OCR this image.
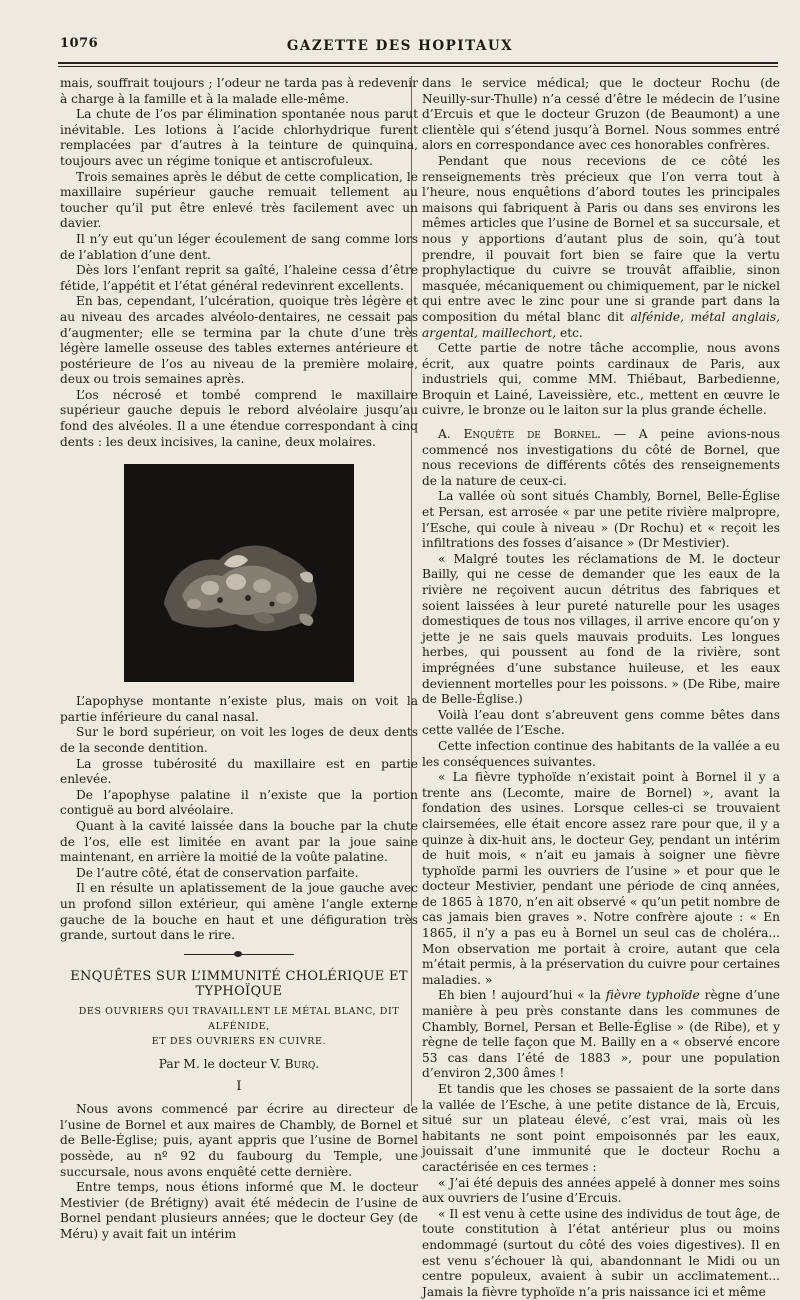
1076	GAZETTE DES HOPITAUX

mais, souffrait toujours ; l’odeur ne tarda pas à redevenir à charge à la famille et à la malade elle-même.

La chute de l’os par élimination spontanée nous parut inévitable. Les lotions à l’acide chlorhydrique furent remplacées par d’autres à la teinture de quinquina, toujours avec un régime tonique et antiscrofuleux.

Trois semaines après le début de cette complication, le maxillaire supérieur gauche remuait tellement au toucher qu’il put être enlevé très facilement avec un davier.

Il n’y eut qu’un léger écoulement de sang comme lors de l’ablation d’une dent.

Dès lors l’enfant reprit sa gaîté, l’haleine cessa d’être fétide, l’appétit et l’état général redevinrent excellents.

En bas, cependant, l’ulcération, quoique très légère et au niveau des arcades alvéolo-dentaires, ne cessait pas d’augmenter; elle se termina par la chute d’une très légère lamelle osseuse des tables externes antérieure et postérieure de l’os au niveau de la première molaire, deux ou trois semaines après.

L’os nécrosé et tombé comprend le maxillaire supérieur gauche depuis le rebord alvéolaire jusqu’au fond des alvéoles. Il a une étendue correspondant à cinq dents : les deux incisives, la canine, deux molaires.

L’apophyse montante n’existe plus, mais on voit la partie inférieure du canal nasal.

Sur le bord supérieur, on voit les loges de deux dents de la seconde dentition.

La grosse tubérosité du maxillaire est en partie enlevée.

De l’apophyse palatine il n’existe que la portion contiguë au bord alvéolaire.

Quant à la cavité laissée dans la bouche par la chute de l’os, elle est limitée en avant par la joue saine maintenant, en arrière la moitié de la voûte palatine.

De l’autre côté, état de conservation parfaite.

Il en résulte un aplatissement de la joue gauche avec un profond sillon extérieur, qui amène l’angle externe gauche de la bouche en haut et une défiguration très grande, surtout dans le rire.

ENQUÊTES SUR L’IMMUNITÉ CHOLÉRIQUE ET TYPHOÏQUE
DES OUVRIERS QUI TRAVAILLENT LE MÉTAL BLANC, DIT ALFÉNIDE,
ET DES OUVRIERS EN CUIVRE.
Par M. le docteur V. Burq.
I

Nous avons commencé par écrire au directeur de l’usine de Bornel et aux maires de Chambly, de Bornel et de Belle-Église; puis, ayant appris que l’usine de Bornel possède, au nº 92 du faubourg du Temple, une succursale, nous avons enquêté cette dernière.

Entre temps, nous étions informé que M. le docteur Mestivier (de Brétigny) avait été médecin de l’usine de Bornel pendant plusieurs années; que le docteur Gey (de Méru) y avait fait un intérim

dans le service médical; que le docteur Rochu (de Neuilly-sur-Thulle) n’a cessé d’être le médecin de l’usine d’Ercuis et que le docteur Gruzon (de Beaumont) a une clientèle qui s’étend jusqu’à Bornel. Nous sommes entré alors en correspondance avec ces honorables confrères.

Pendant que nous recevions de ce côté les renseignements très précieux que l’on verra tout à l’heure, nous enquêtions d’abord toutes les principales maisons qui fabriquent à Paris ou dans ses environs les mêmes articles que l’usine de Bornel et sa succursale, et nous y apportions d’autant plus de soin, qu’à tout prendre, il pouvait fort bien se faire que la vertu prophylactique du cuivre se trouvât affaiblie, sinon masquée, mécaniquement ou chimiquement, par le nickel qui entre avec le zinc pour une si grande part dans la composition du métal blanc dit alfénide, métal anglais, argental, maillechort, etc.

Cette partie de notre tâche accomplie, nous avons écrit, aux quatre points cardinaux de Paris, aux industriels qui, comme MM. Thiébaut, Barbedienne, Broquin et Lainé, Laveissière, etc., mettent en œuvre le cuivre, le bronze ou le laiton sur la plus grande échelle.

A. Enquête de Bornel. — A peine avions-nous commencé nos investigations du côté de Bornel, que nous recevions de différents côtés des renseignements de la nature de ceux-ci.

La vallée où sont situés Chambly, Bornel, Belle-Église et Persan, est arrosée « par une petite rivière malpropre, l’Esche, qui coule à niveau » (Dr Rochu) et « reçoit les infiltrations des fosses d’aisance » (Dr Mestivier).

« Malgré toutes les réclamations de M. le docteur Bailly, qui ne cesse de demander que les eaux de la rivière ne reçoivent aucun détritus des fabriques et soient laissées à leur pureté naturelle pour les usages domestiques de tous nos villages, il arrive encore qu’on y jette je ne sais quels mauvais produits. Les longues herbes, qui poussent au fond de la rivière, sont imprégnées d’une substance huileuse, et les eaux deviennent mortelles pour les poissons. » (De Ribe, maire de Belle-Église.)

Voilà l’eau dont s’abreuvent gens comme bêtes dans cette vallée de l’Esche.

Cette infection continue des habitants de la vallée a eu les conséquences suivantes.

« La fièvre typhoïde n’existait point à Bornel il y a trente ans (Lecomte, maire de Bornel) », avant la fondation des usines. Lorsque celles-ci se trouvaient clairsemées, elle était encore assez rare pour que, il y a quinze à dix-huit ans, le docteur Gey, pendant un intérim de huit mois, « n’ait eu jamais à soigner une fièvre typhoïde parmi les ouvriers de l’usine » et pour que le docteur Mestivier, pendant une période de cinq années, de 1865 à 1870, n’en ait observé « qu’un petit nombre de cas jamais bien graves ». Notre confrère ajoute : « En 1865, il n’y a pas eu à Bornel un seul cas de choléra... Mon observation me portait à croire, autant que cela m’était permis, à la préservation du cuivre pour certaines maladies. »

Eh bien ! aujourd’hui « la fièvre typhoïde règne d’une manière à peu près constante dans les communes de Chambly, Bornel, Persan et Belle-Église » (de Ribe), et y règne de telle façon que M. Bailly en a « observé encore 53 cas dans l’été de 1883 », pour une population d’environ 2,300 âmes !

Et tandis que les choses se passaient de la sorte dans la vallée de l’Esche, à une petite distance de là, Ercuis, situé sur un plateau élevé, c’est vrai, mais où les habitants ne sont point empoisonnés par les eaux, jouissait d’une immunité que le docteur Rochu a caractérisée en ces termes :

« J’ai été depuis des années appelé à donner mes soins aux ouvriers de l’usine d’Ercuis.

« Il est venu à cette usine des individus de tout âge, de toute constitution à l’état antérieur plus ou moins endommagé (surtout du côté des voies digestives). Il en est venu s’échouer là qui, abandonnant le Midi ou un centre populeux, avaient à subir un acclimatement... Jamais la fièvre typhoïde n’a pris naissance ici et même
